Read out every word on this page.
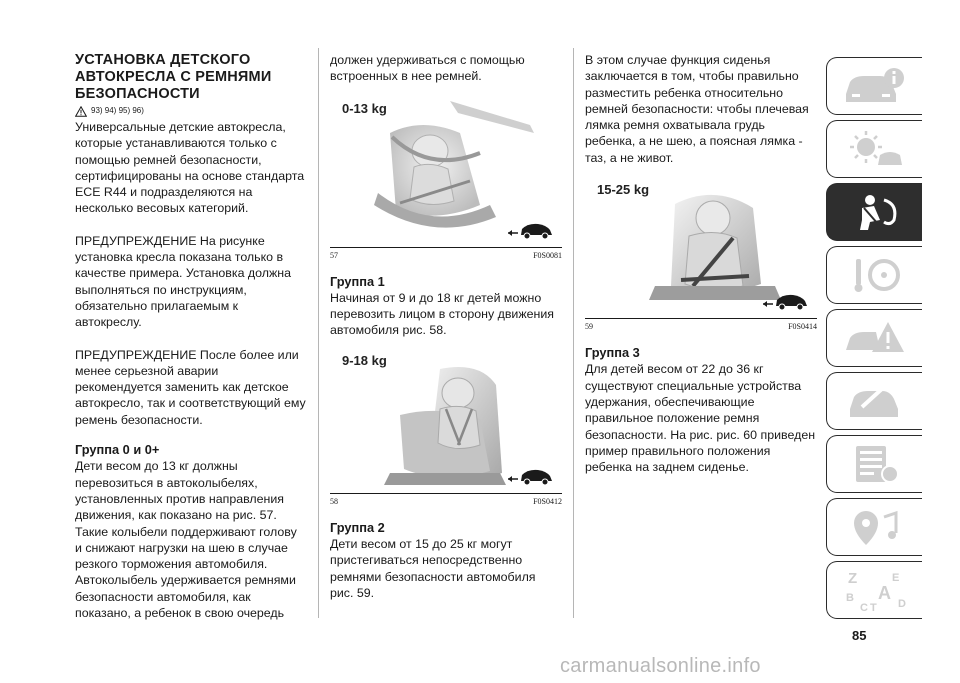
УСТАНОВКА ДЕТСКОГО
АВТОКРЕСЛА С РЕМНЯМИ
БЕЗОПАСНОСТИ
93) 94) 95) 96)

Универсальные детские автокресла, которые устанавливаются только с помощью ремней безопасности, сертифицированы на основе стандарта ECE R44 и подразделяются на несколько весовых категорий.

ПРЕДУПРЕЖДЕНИЕ На рисунке установка кресла показана только в качестве примера. Установка должна выполняться по инструкциям, обязательно прилагаемым к автокреслу.

ПРЕДУПРЕЖДЕНИЕ После более или менее серьезной аварии рекомендуется заменить как детское автокресло, так и соответствующий ему ремень безопасности.

Группа 0 и 0+

Дети весом до 13 кг должны перевозиться в автоколыбелях, установленных против направления движения, как показано на рис. 57. Такие колыбели поддерживают голову и снижают нагрузки на шею в случае резкого торможения автомобиля. Автоколыбель удерживается ремнями безопасности автомобиля, как показано, а ребенок в свою очередь

должен удерживаться с помощью встроенных в нее ремней.

0-13 kg
57	F0S0081
Группа 1

Начиная от 9 и до 18 кг детей можно перевозить лицом в сторону движения автомобиля рис. 58.

9-18 kg
58	F0S0412
Группа 2

Дети весом от 15 до 25 кг могут пристегиваться непосредственно ремнями безопасности автомобиля рис. 59.

В этом случае функция сиденья заключается в том, чтобы правильно разместить ребенка относительно ремней безопасности: чтобы плечевая лямка ремня охватывала грудь ребенка, а не шею, а поясная лямка - таз, а не живот.

15-25 kg
59	F0S0414
Группа 3

Для детей весом от 22 до 36 кг существуют специальные устройства удержания, обеспечивающие правильное положение ремня безопасности. На рис. рис. 60 приведен пример правильного положения ребенка на заднем сиденье.

Z	E
B A
C T D
85
carmanualsonline.info
